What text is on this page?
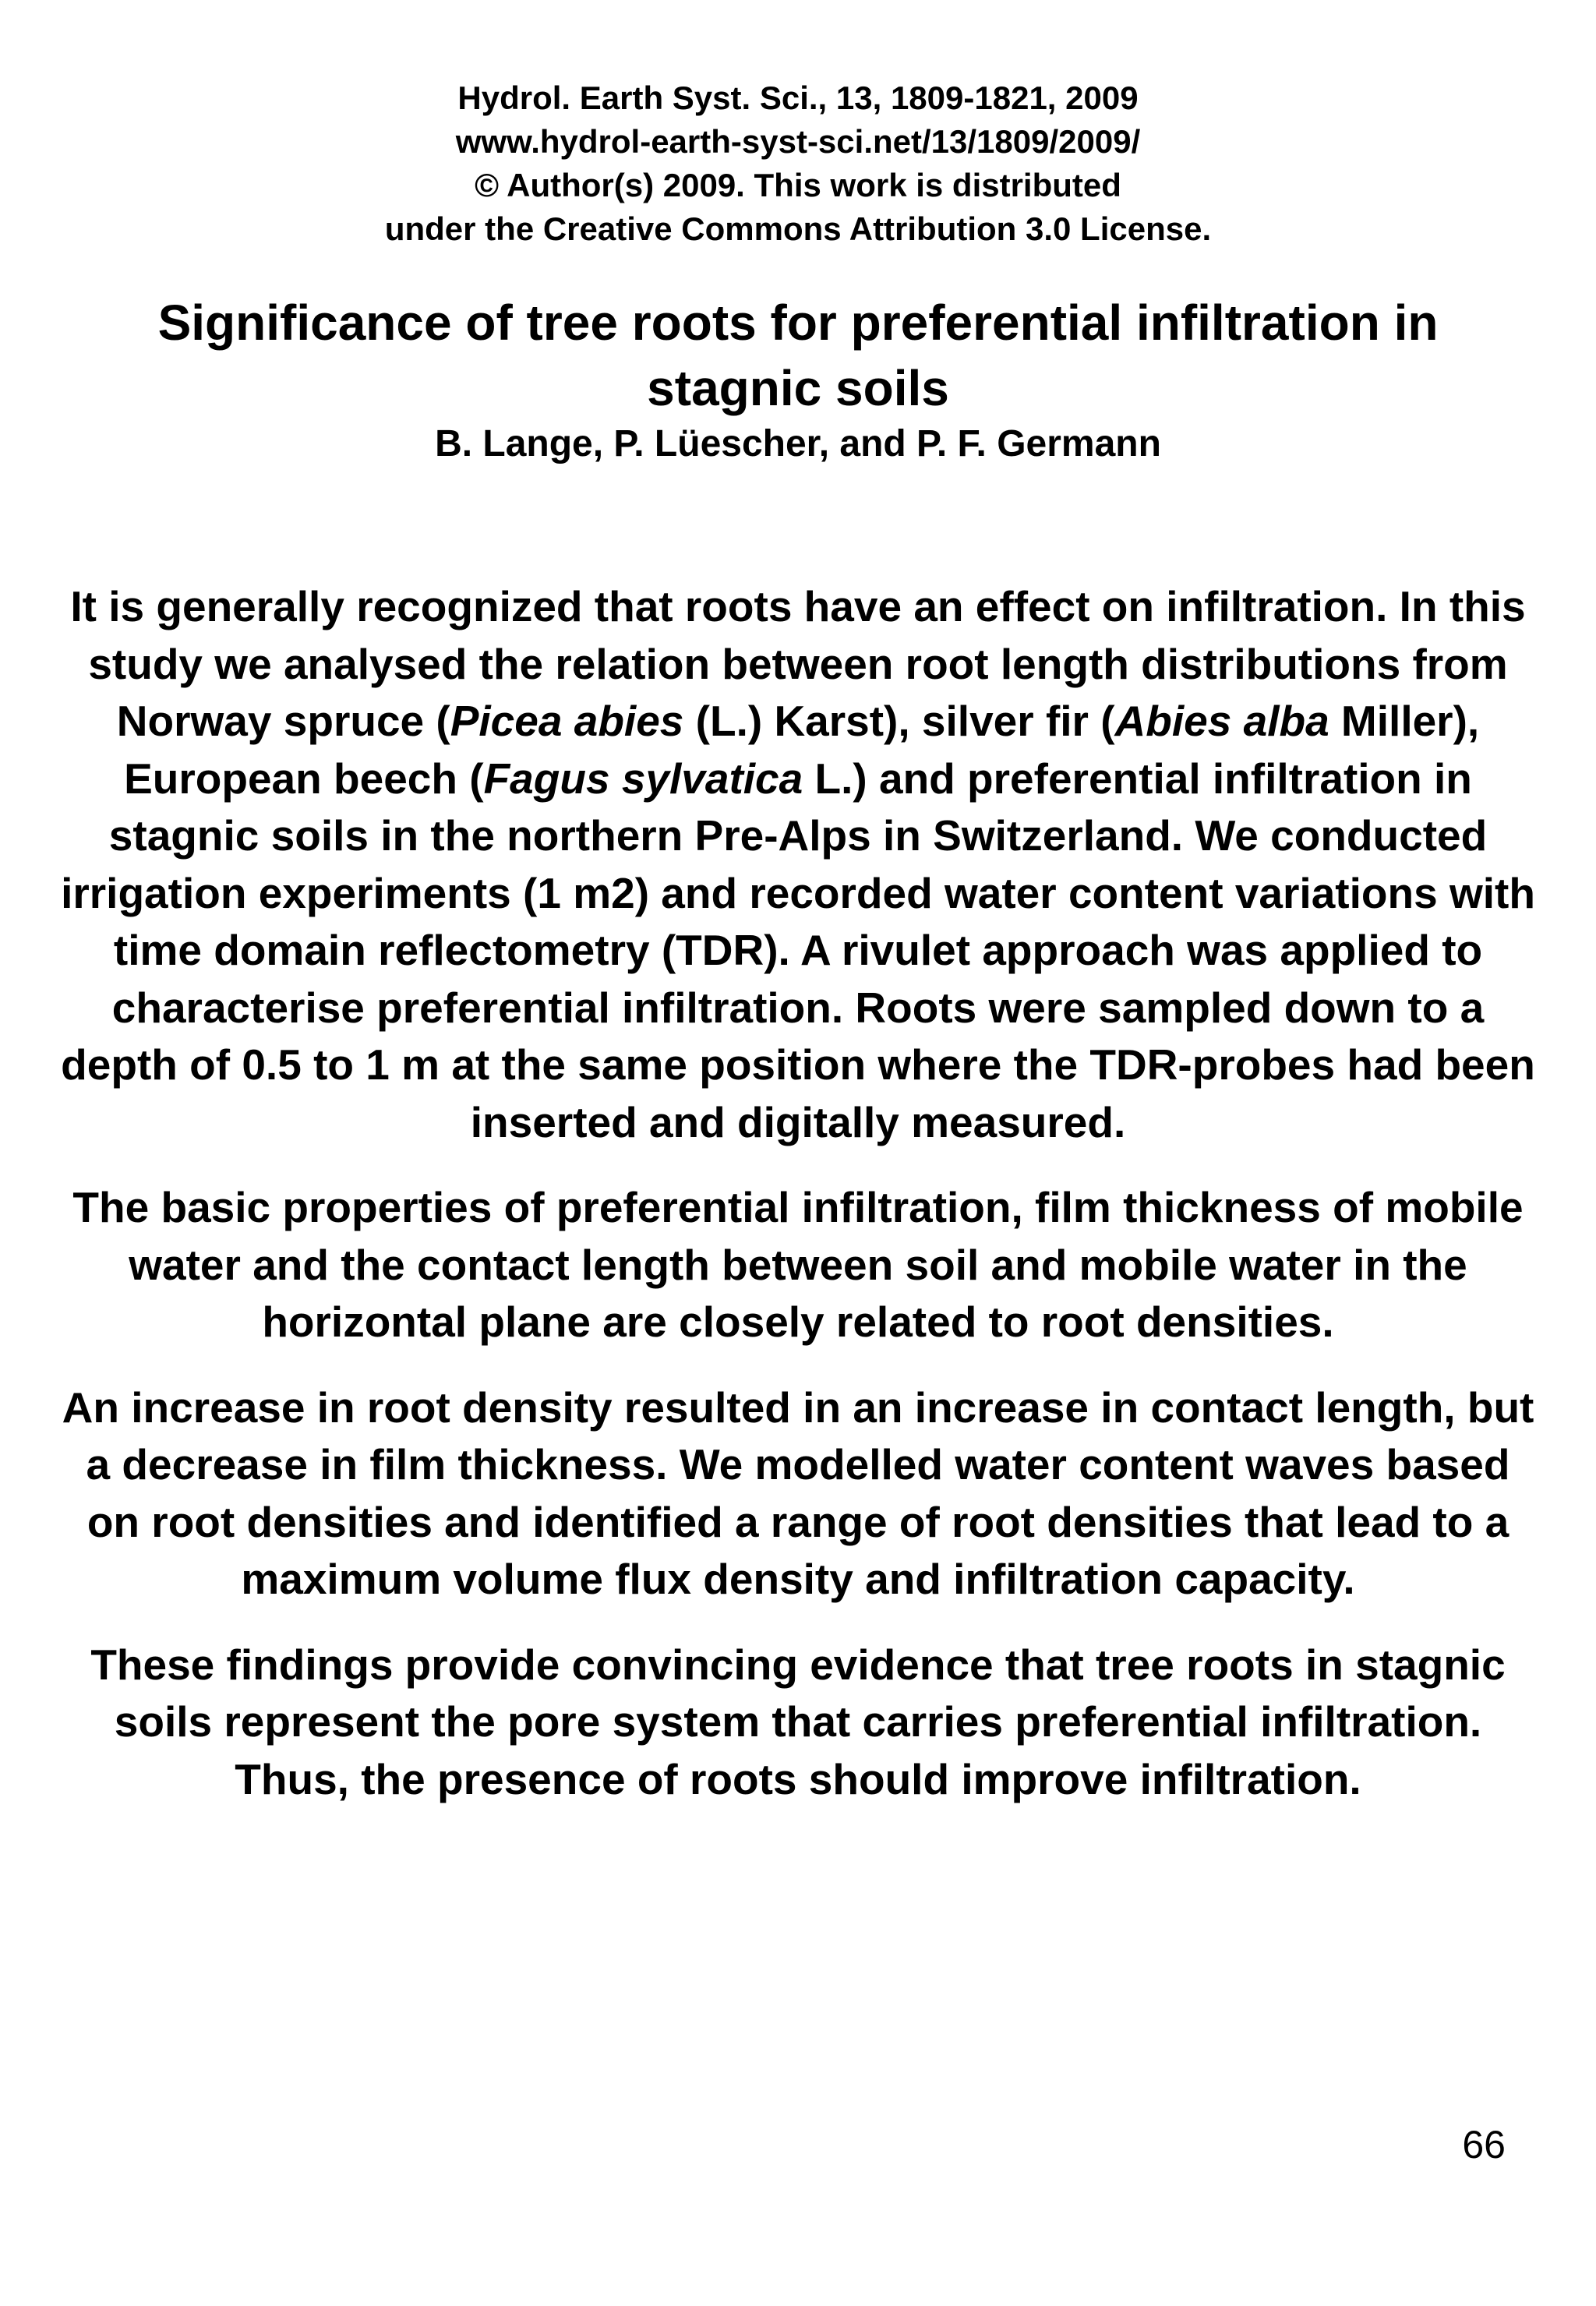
Hydrol. Earth Syst. Sci., 13, 1809-1821, 2009
www.hydrol-earth-syst-sci.net/13/1809/2009/
© Author(s) 2009. This work is distributed
under the Creative Commons Attribution 3.0 License.
Significance of tree roots for preferential infiltration in stagnic soils
B. Lange, P. Lüescher, and P. F. Germann

It is generally recognized that roots have an effect on infiltration. In this study we analysed the relation between root length distributions from Norway spruce (Picea abies (L.) Karst), silver fir (Abies alba Miller), European beech (Fagus sylvatica L.) and preferential infiltration in stagnic soils in the northern Pre-Alps in Switzerland. We conducted irrigation experiments (1 m2) and recorded water content variations with time domain reflectometry (TDR). A rivulet approach was applied to characterise preferential infiltration. Roots were sampled down to a depth of 0.5 to 1 m at the same position where the TDR-probes had been inserted and digitally measured.

The basic properties of preferential infiltration, film thickness of mobile water and the contact length between soil and mobile water in the horizontal plane are closely related to root densities.

An increase in root density resulted in an increase in contact length, but a decrease in film thickness. We modelled water content waves based on root densities and identified a range of root densities that lead to a maximum volume flux density and infiltration capacity.

These findings provide convincing evidence that tree roots in stagnic soils represent the pore system that carries preferential infiltration. Thus, the presence of roots should improve infiltration.

66
